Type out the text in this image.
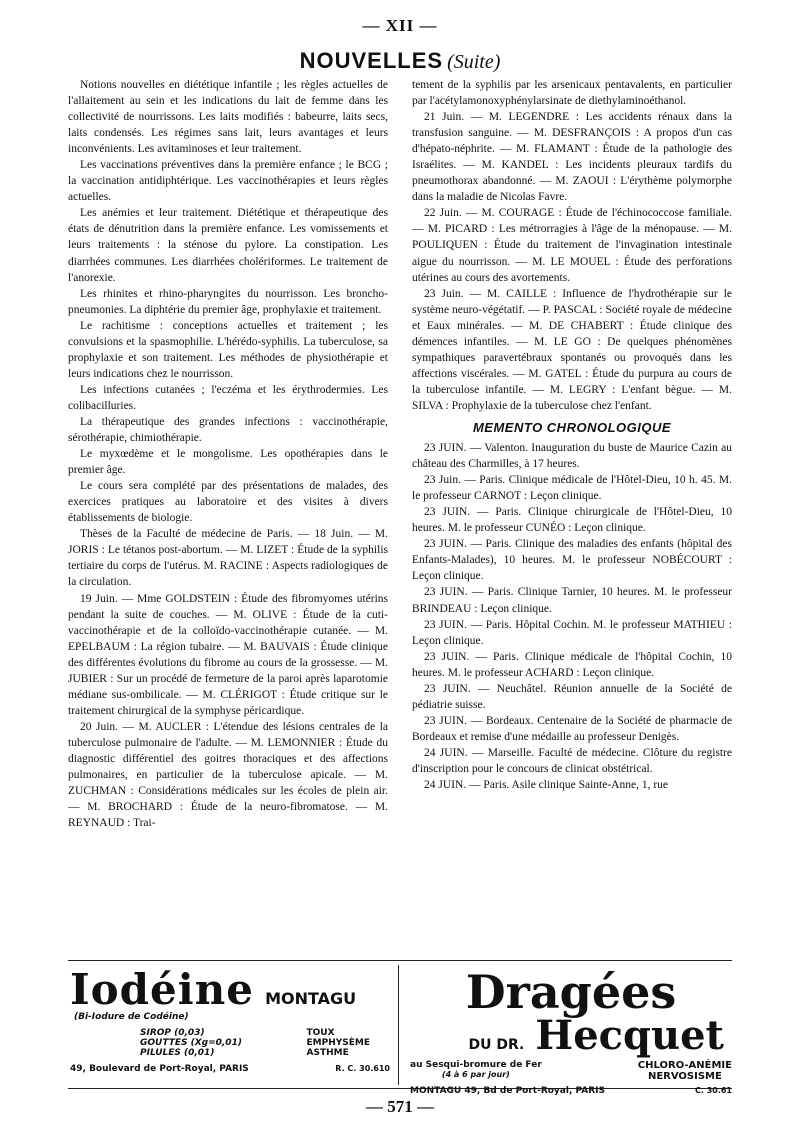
— XII —
NOUVELLES (Suite)

Notions nouvelles en diététique infantile ; les règles actuelles de l'allaitement au sein et les indications du lait de femme dans les collectivité de nourrissons. Les laits modifiés : babeurre, laits secs, laits condensés. Les régimes sans lait, leurs avantages et leurs inconvénients. Les avitaminoses et leur traitement.

Les vaccinations préventives dans la première enfance ; le BCG ; la vaccination antidiphtérique. Les vaccinothérapies et leurs règles actuelles.

Les anémies et leur traitement. Diététique et thérapeutique des états de dénutrition dans la première enfance. Les vomissements et leurs traitements : la sténose du pylore. La constipation. Les diarrhées communes. Les diarrhées cholériformes. Le traitement de l'anorexie.

Les rhinites et rhino-pharyngites du nourrisson. Les broncho-pneumonies. La diphtérie du premier âge, prophylaxie et traitement.

Le rachitisme : conceptions actuelles et traitement ; les convulsions et la spasmophilie. L'hérédo-syphilis. La tuberculose, sa prophylaxie et son traitement. Les méthodes de physiothérapie et leurs indications chez le nourrisson.

Les infections cutanées ; l'eczéma et les érythrodermies. Les colibacilluries.

La thérapeutique des grandes infections : vaccinothérapie, sérothérapie, chimiothérapie.

Le myxœdème et le mongolisme. Les opothérapies dans le premier âge.

Le cours sera complété par des présentations de malades, des exercices pratiques au laboratoire et des visites à divers établissements de biologie.

Thèses de la Faculté de médecine de Paris. — 18 Juin. — M. JORIS : Le tétanos post-abortum. — M. LIZET : Étude de la syphilis tertiaire du corps de l'utérus. M. RACINE : Aspects radiologiques de la circulation.

19 Juin. — Mme GOLDSTEIN : Étude des fibromyomes utérins pendant la suite de couches. — M. OLIVE : Étude de la cuti-vaccinothérapie et de la colloïdo-vaccinothérapie cutanée. — M. EPELBAUM : La région tubaire. — M. BAUVAIS : Étude clinique des différentes évolutions du fibrome au cours de la grossesse. — M. JUBIER : Sur un procédé de fermeture de la paroi après laparotomie médiane sus-ombilicale. — M. CLÉRIGOT : Étude critique sur le traitement chirurgical de la symphyse péricardique.

20 Juin. — M. AUCLER : L'étendue des lésions centrales de la tuberculose pulmonaire de l'adulte. — M. LEMONNIER : Étude du diagnostic différentiel des goitres thoraciques et des affections pulmonaires, en particulier de la tuberculose apicale. — M. ZUCHMAN : Considérations médicales sur les écoles de plein air. — M. BROCHARD : Étude de la neuro-fibromatose. — M. REYNAUD : Trai-

tement de la syphilis par les arsenicaux pentavalents, en particulier par l'acétylamonoxyphénylarsinate de diethylaminoéthanol.

21 Juin. — M. LEGENDRE : Les accidents rénaux dans la transfusion sanguine. — M. DESFRANÇOIS : A propos d'un cas d'hépato-néphrite. — M. FLAMANT : Étude de la pathologie des Israélites. — M. KANDEL : Les incidents pleuraux tardifs du pneumothorax abandonné. — M. ZAOUI : L'érythème polymorphe dans la maladie de Nicolas Favre.

22 Juin. — M. COURAGE : Étude de l'échinococcose familiale. — M. PICARD : Les métrorragies à l'âge de la ménopause. — M. POULIQUEN : Étude du traitement de l'invagination intestinale aigue du nourrisson. — M. LE MOUEL : Étude des perforations utérines au cours des avortements.

23 Juin. — M. CAILLE : Influence de l'hydrothérapie sur le système neuro-végétatif. — P. PASCAL : Société royale de médecine et Eaux minérales. — M. DE CHABERT : Étude clinique des démences infantiles. — M. LE GO : De quelques phénomènes sympathiques paravertébraux spontanés ou provoqués dans les affections viscérales. — M. GATEL : Étude du purpura au cours de la tuberculose infantile. — M. LEGRY : L'enfant bègue. — M. SILVA : Prophylaxie de la tuberculose chez l'enfant.

MEMENTO CHRONOLOGIQUE

23 JUIN. — Valenton. Inauguration du buste de Maurice Cazin au château des Charmilles, à 17 heures.

23 Juin. — Paris. Clinique médicale de l'Hôtel-Dieu, 10 h. 45. M. le professeur CARNOT : Leçon clinique.

23 JUIN. — Paris. Clinique chirurgicale de l'Hôtel-Dieu, 10 heures. M. le professeur CUNÉO : Leçon clinique.

23 JUIN. — Paris. Clinique des maladies des enfants (hôpital des Enfants-Malades), 10 heures. M. le professeur NOBÉCOURT : Leçon clinique.

23 JUIN. — Paris. Clinique Tarnier, 10 heures. M. le professeur BRINDEAU : Leçon clinique.

23 JUIN. — Paris. Hôpital Cochin. M. le professeur MATHIEU : Leçon clinique.

23 JUIN. — Paris. Clinique médicale de l'hôpital Cochin, 10 heures. M. le professeur ACHARD : Leçon clinique.

23 JUIN. — Neuchâtel. Réunion annuelle de la Société de pédiatrie suisse.

23 JUIN. — Bordeaux. Centenaire de la Société de pharmacie de Bordeaux et remise d'une médaille au professeur Denigès.

24 JUIN. — Marseille. Faculté de médecine. Clôture du registre d'inscription pour le concours de clinicat obstétrical.

24 JUIN. — Paris. Asile clinique Sainte-Anne, 1, rue

Iodéine MONTAGU
(Bi-Iodure de Codéine)
SIROP (0,03)
GOUTTES (Xg=0,01)
PILULES (0,01)
TOUX
EMPHYSÈME
ASTHME
49, Boulevard de Port-Royal, PARIS	R. C. 30.610
Dragées
DU DR. Hecquet
au Sesqui-bromure de Fer
(4 à 6 par jour)
CHLORO-ANÉMIE
NERVOSISME
MONTAGU 49, Bd de Port-Royal, PARIS	C. 30.61
— 571 —
